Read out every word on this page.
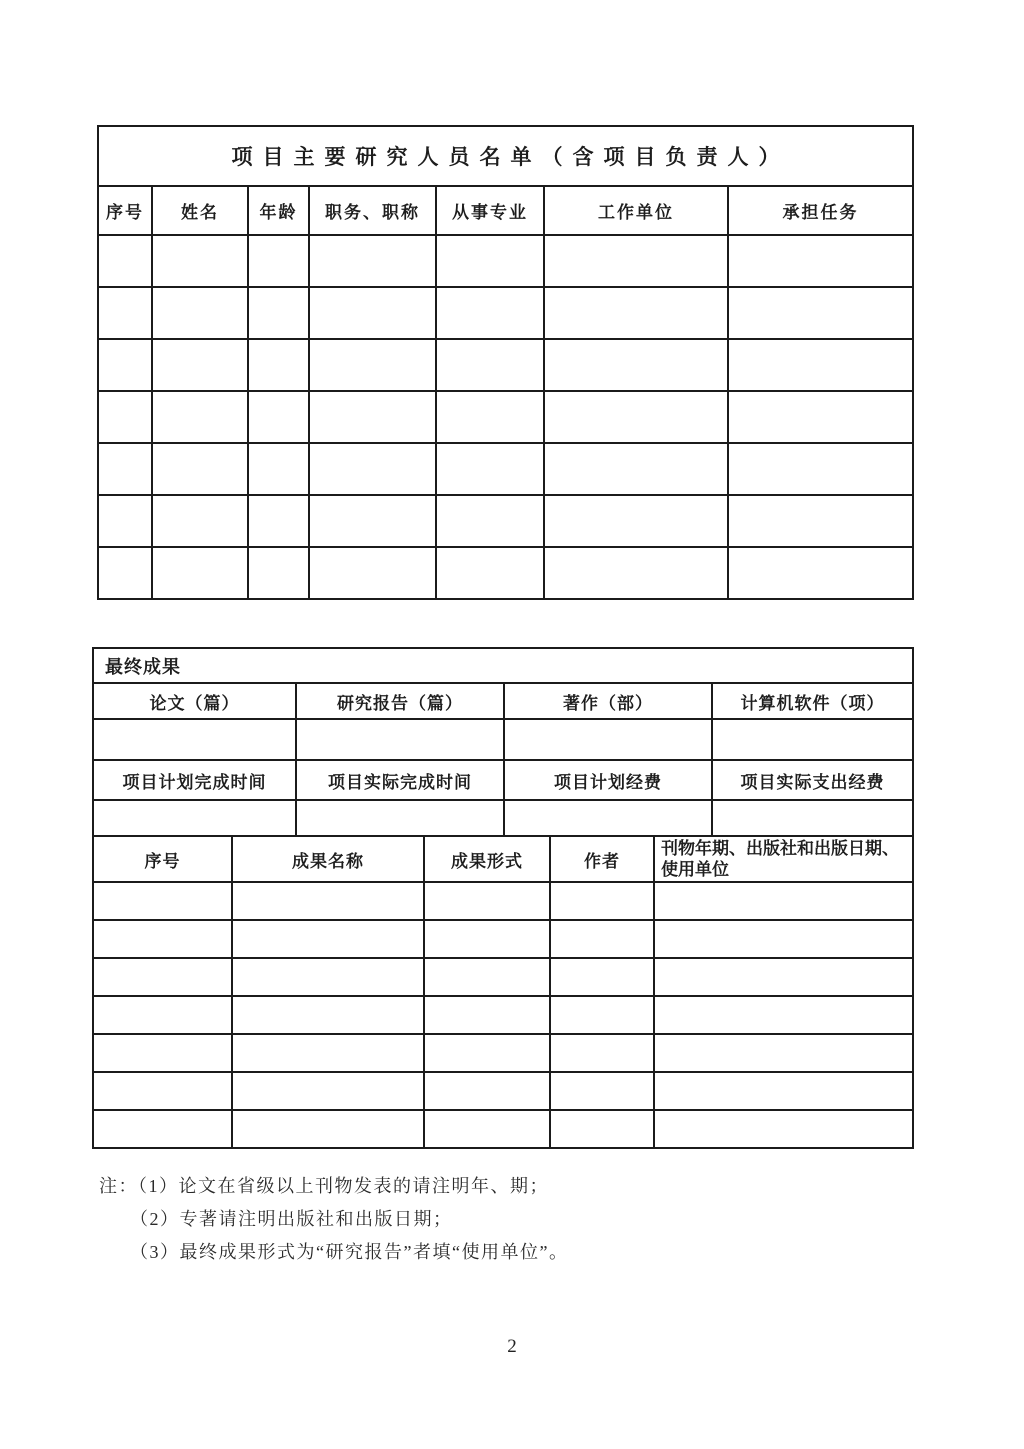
项目主要研究人员名单（含项目负责人）						
序号	姓名	年龄	职务、职称	从事专业	工作单位	承担任务

最终成果			
论文（篇）	研究报告（篇）	著作（部）	计算机软件（项）

项目计划完成时间	项目实际完成时间	项目计划经费	项目实际支出经费

序号	成果名称	成果形式	作者	刊物年期、出版社和出版日期、使用单位

注：（1）论文在省级以上刊物发表的请注明年、期；
（2）专著请注明出版社和出版日期；
（3）最终成果形式为“研究报告”者填“使用单位”。
2
